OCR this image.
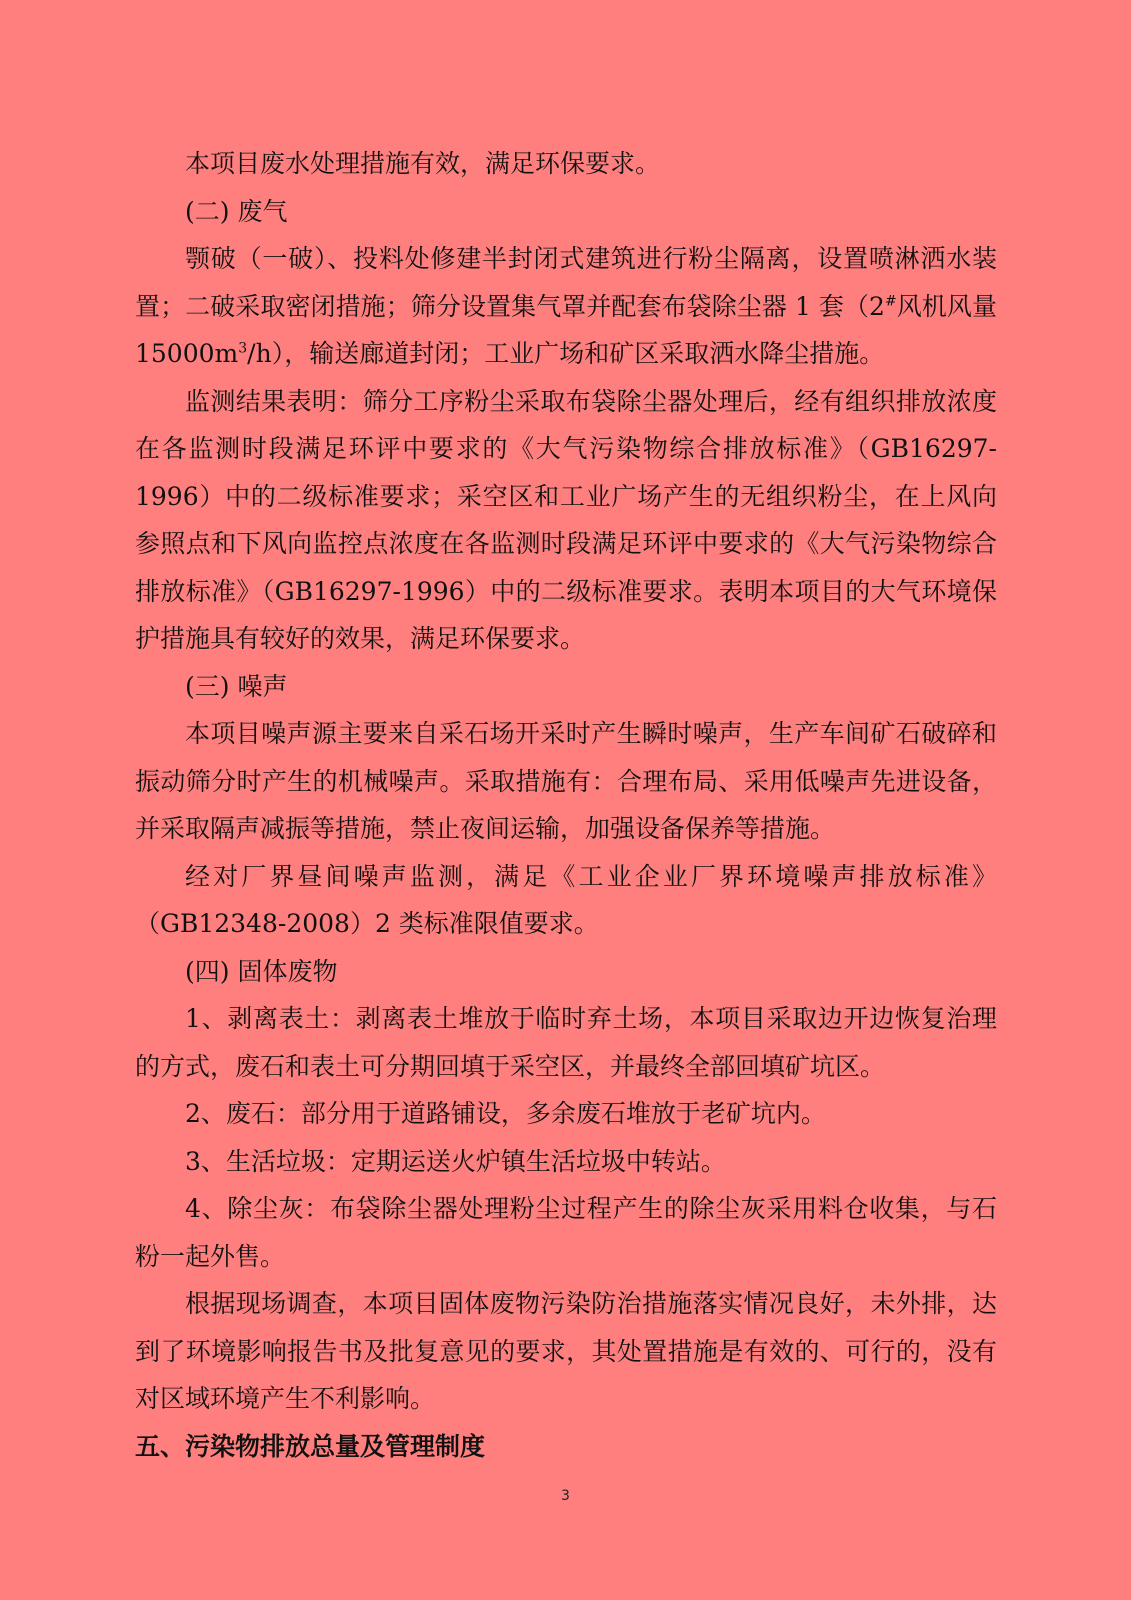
本项目废水处理措施有效，满足环保要求。

(二) 废气

颚破（一破）、投料处修建半封闭式建筑进行粉尘隔离，设置喷淋洒水装置；二破采取密闭措施；筛分设置集气罩并配套布袋除尘器 1 套（2#风机风量 $15000m^3/h$），输送廊道封闭；工业广场和矿区采取洒水降尘措施。

监测结果表明：筛分工序粉尘采取布袋除尘器处理后，经有组织排放浓度在各监测时段满足环评中要求的《大气污染物综合排放标准》（GB16297-1996）中的二级标准要求；采空区和工业广场产生的无组织粉尘，在上风向参照点和下风向监控点浓度在各监测时段满足环评中要求的《大气污染物综合排放标准》（GB16297-1996）中的二级标准要求。表明本项目的大气环境保护措施具有较好的效果，满足环保要求。

(三) 噪声

本项目噪声源主要来自采石场开采时产生瞬时噪声，生产车间矿石破碎和振动筛分时产生的机械噪声。采取措施有：合理布局、采用低噪声先进设备，并采取隔声减振等措施，禁止夜间运输，加强设备保养等措施。

经对厂界昼间噪声监测，满足《工业企业厂界环境噪声排放标准》（GB12348-2008）2 类标准限值要求。

(四) 固体废物

1、剥离表土：剥离表土堆放于临时弃土场，本项目采取边开边恢复治理的方式，废石和表土可分期回填于采空区，并最终全部回填矿坑区。

2、废石：部分用于道路铺设，多余废石堆放于老矿坑内。

3、生活垃圾：定期运送火炉镇生活垃圾中转站。

4、除尘灰：布袋除尘器处理粉尘过程产生的除尘灰采用料仓收集，与石粉一起外售。

根据现场调查，本项目固体废物污染防治措施落实情况良好，未外排，达到了环境影响报告书及批复意见的要求，其处置措施是有效的、可行的，没有对区域环境产生不利影响。

五、污染物排放总量及管理制度

3
